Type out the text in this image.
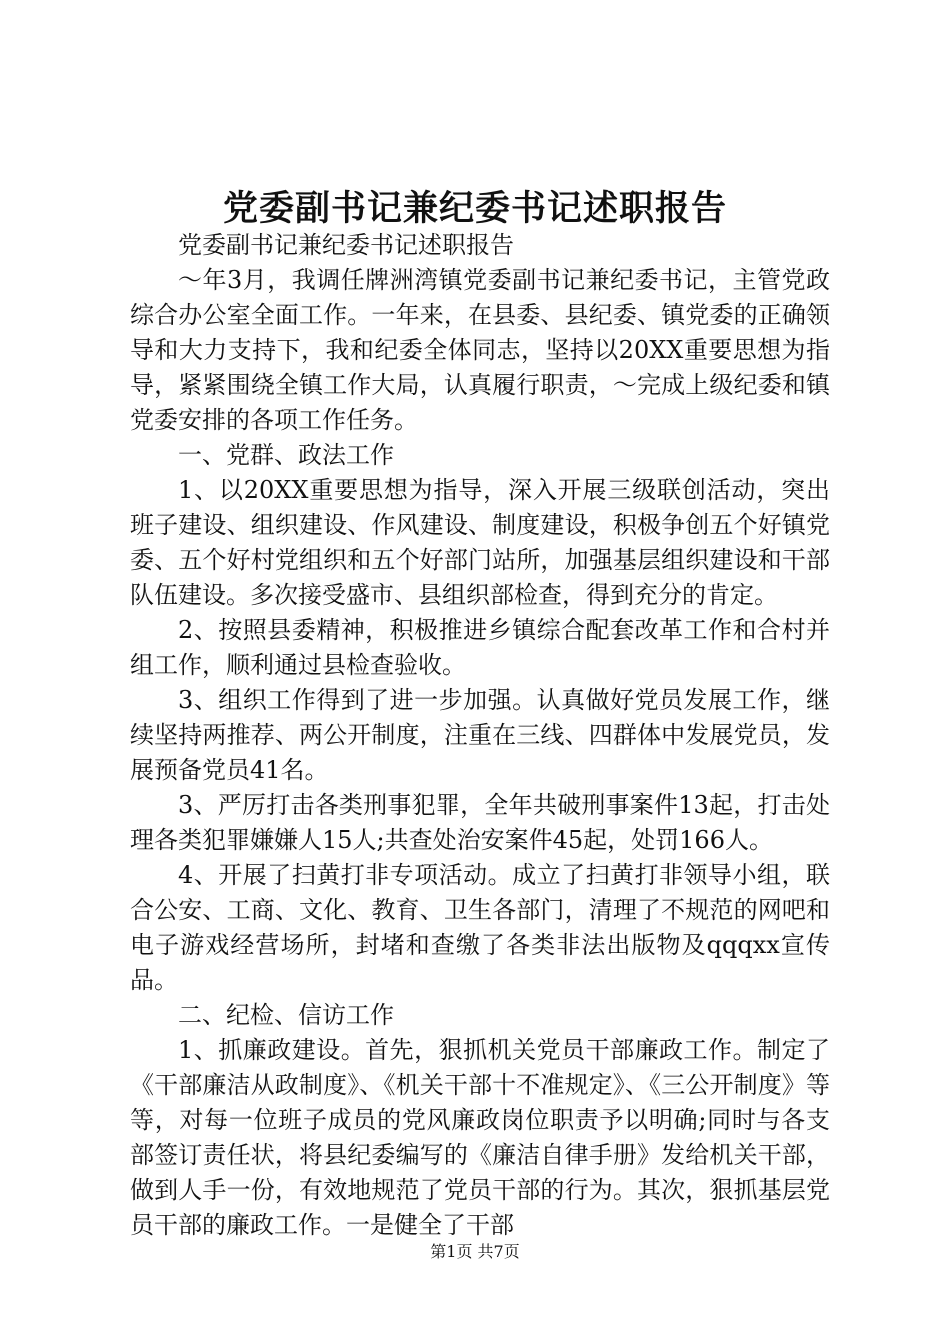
党委副书记兼纪委书记述职报告

党委副书记兼纪委书记述职报告

～年3月，我调任牌洲湾镇党委副书记兼纪委书记，主管党政综合办公室全面工作。一年来，在县委、县纪委、镇党委的正确领导和大力支持下，我和纪委全体同志，坚持以20XX重要思想为指导，紧紧围绕全镇工作大局，认真履行职责，～完成上级纪委和镇党委安排的各项工作任务。

一、党群、政法工作

1、以20XX重要思想为指导，深入开展三级联创活动，突出班子建设、组织建设、作风建设、制度建设，积极争创五个好镇党委、五个好村党组织和五个好部门站所，加强基层组织建设和干部队伍建设。多次接受盛市、县组织部检查，得到充分的肯定。

2、按照县委精神，积极推进乡镇综合配套改革工作和合村并组工作，顺利通过县检查验收。

3、组织工作得到了进一步加强。认真做好党员发展工作，继续坚持两推荐、两公开制度，注重在三线、四群体中发展党员，发展预备党员41名。

3、严厉打击各类刑事犯罪，全年共破刑事案件13起，打击处理各类犯罪嫌嫌人15人;共查处治安案件45起，处罚166人。

4、开展了扫黄打非专项活动。成立了扫黄打非领导小组，联合公安、工商、文化、教育、卫生各部门，清理了不规范的网吧和电子游戏经营场所，封堵和查缴了各类非法出版物及qqqxx宣传品。

二、纪检、信访工作

1、抓廉政建设。首先，狠抓机关党员干部廉政工作。制定了《干部廉洁从政制度》、《机关干部十不准规定》、《三公开制度》等等，对每一位班子成员的党风廉政岗位职责予以明确;同时与各支部签订责任状，将县纪委编写的《廉洁自律手册》发给机关干部，做到人手一份，有效地规范了党员干部的行为。其次，狠抓基层党员干部的廉政工作。一是健全了干部

第1页 共7页
